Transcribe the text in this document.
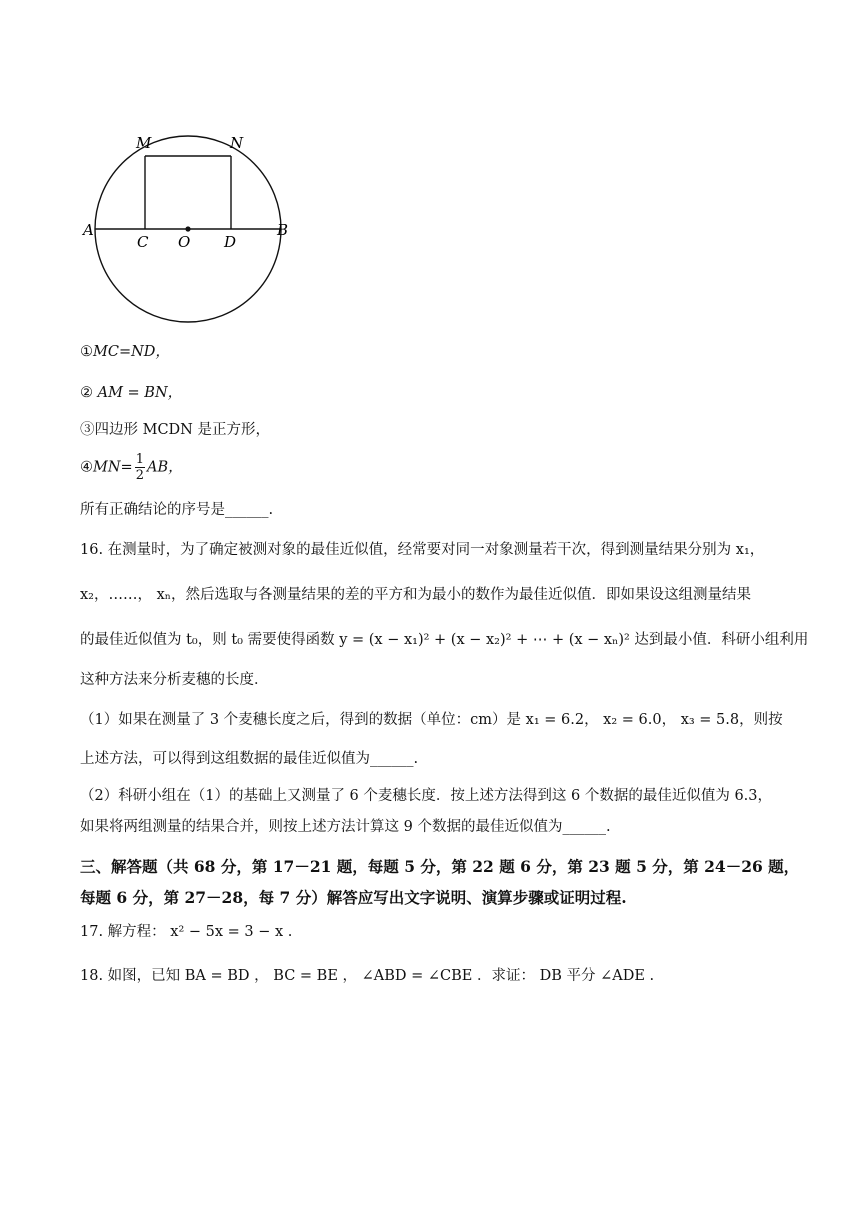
M	N
A	B
C O D
①MC=ND，
② AM = BN，
③四边形 MCDN 是正方形，
④MN= $\frac{1}{2}$ AB，
所有正确结论的序号是______.
16. 在测量时，为了确定被测对象的最佳近似值，经常要对同一对象测量若干次，得到测量结果分别为 x₁，
x₂，……， xₙ，然后选取与各测量结果的差的平方和为最小的数作为最佳近似值．即如果设这组测量结果
的最佳近似值为 t₀，则 t₀ 需要使得函数 y = (x − x₁)² + (x − x₂)² + ⋯ + (x − xₙ)² 达到最小值．科研小组利用
这种方法来分析麦穗的长度．
（1）如果在测量了 3 个麦穗长度之后，得到的数据（单位：cm）是 x₁ = 6.2， x₂ = 6.0， x₃ = 5.8，则按
上述方法，可以得到这组数据的最佳近似值为______.
（2）科研小组在（1）的基础上又测量了 6 个麦穗长度．按上述方法得到这 6 个数据的最佳近似值为 6.3，
如果将两组测量的结果合并，则按上述方法计算这 9 个数据的最佳近似值为______.
三、解答题（共 68 分，第 17－21 题，每题 5 分，第 22 题 6 分，第 23 题 5 分，第 24－26 题，
每题 6 分，第 27－28，每 7 分）解答应写出文字说明、演算步骤或证明过程.
17. 解方程： x² − 5x = 3 − x .
18. 如图，已知 BA = BD ， BC = BE ， ∠ABD = ∠CBE ．求证： DB 平分 ∠ADE .
